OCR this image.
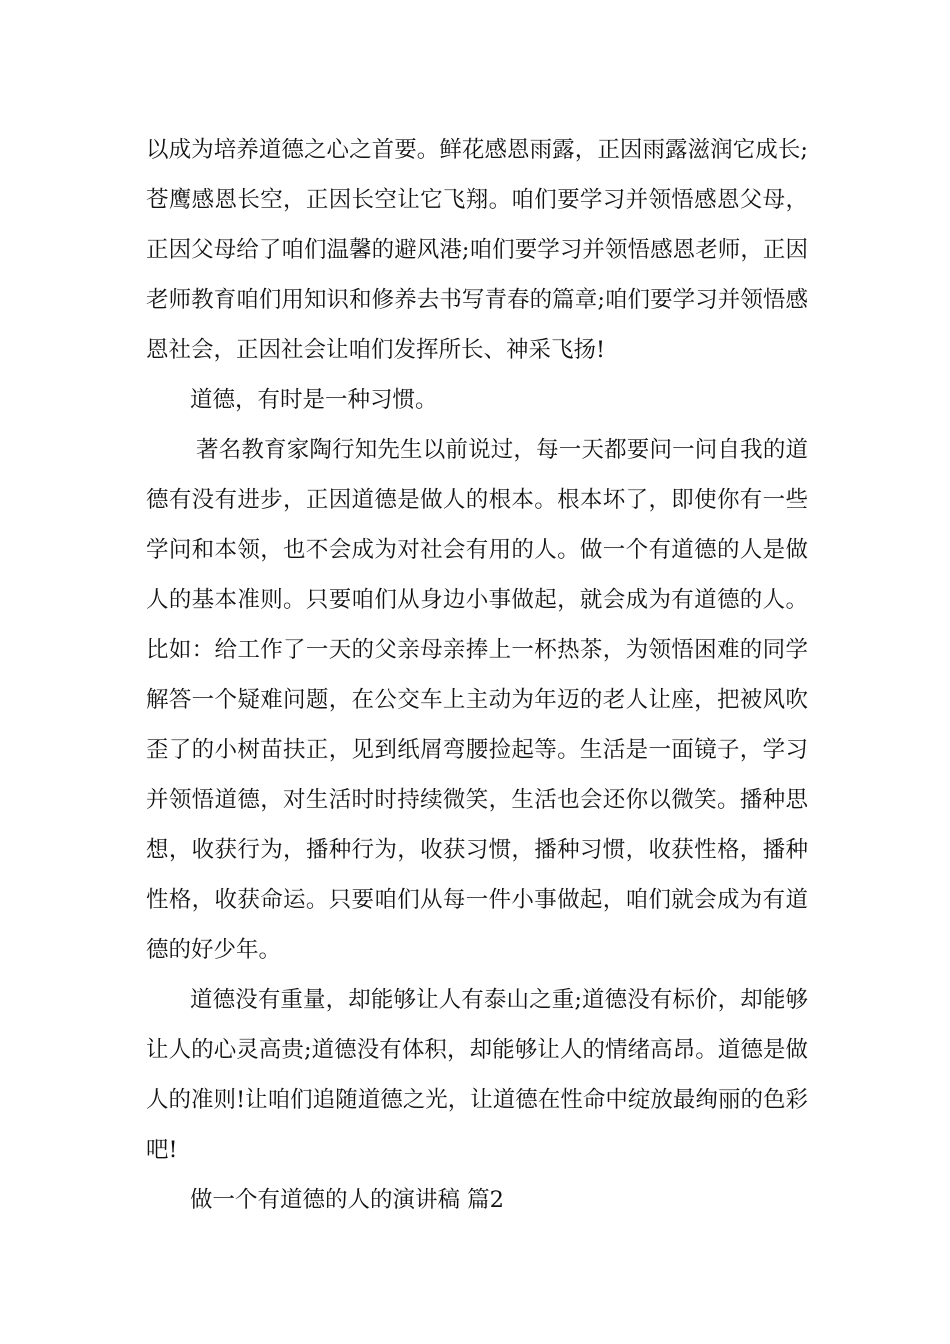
以成为培养道德之心之首要。鲜花感恩雨露，正因雨露滋润它成长;苍鹰感恩长空，正因长空让它飞翔。咱们要学习并领悟感恩父母，正因父母给了咱们温馨的避风港;咱们要学习并领悟感恩老师，正因老师教育咱们用知识和修养去书写青春的篇章;咱们要学习并领悟感恩社会，正因社会让咱们发挥所长、神采飞扬!

道德，有时是一种习惯。

著名教育家陶行知先生以前说过，每一天都要问一问自我的道德有没有进步，正因道德是做人的根本。根本坏了，即使你有一些学问和本领，也不会成为对社会有用的人。做一个有道德的人是做人的基本准则。只要咱们从身边小事做起，就会成为有道德的人。比如：给工作了一天的父亲母亲捧上一杯热茶，为领悟困难的同学解答一个疑难问题，在公交车上主动为年迈的老人让座，把被风吹歪了的小树苗扶正，见到纸屑弯腰捡起等。生活是一面镜子，学习并领悟道德，对生活时时持续微笑，生活也会还你以微笑。播种思想，收获行为，播种行为，收获习惯，播种习惯，收获性格，播种性格，收获命运。只要咱们从每一件小事做起，咱们就会成为有道德的好少年。

道德没有重量，却能够让人有泰山之重;道德没有标价，却能够让人的心灵高贵;道德没有体积，却能够让人的情绪高昂。道德是做人的准则!让咱们追随道德之光，让道德在性命中绽放最绚丽的色彩吧!

做一个有道德的人的演讲稿 篇2
